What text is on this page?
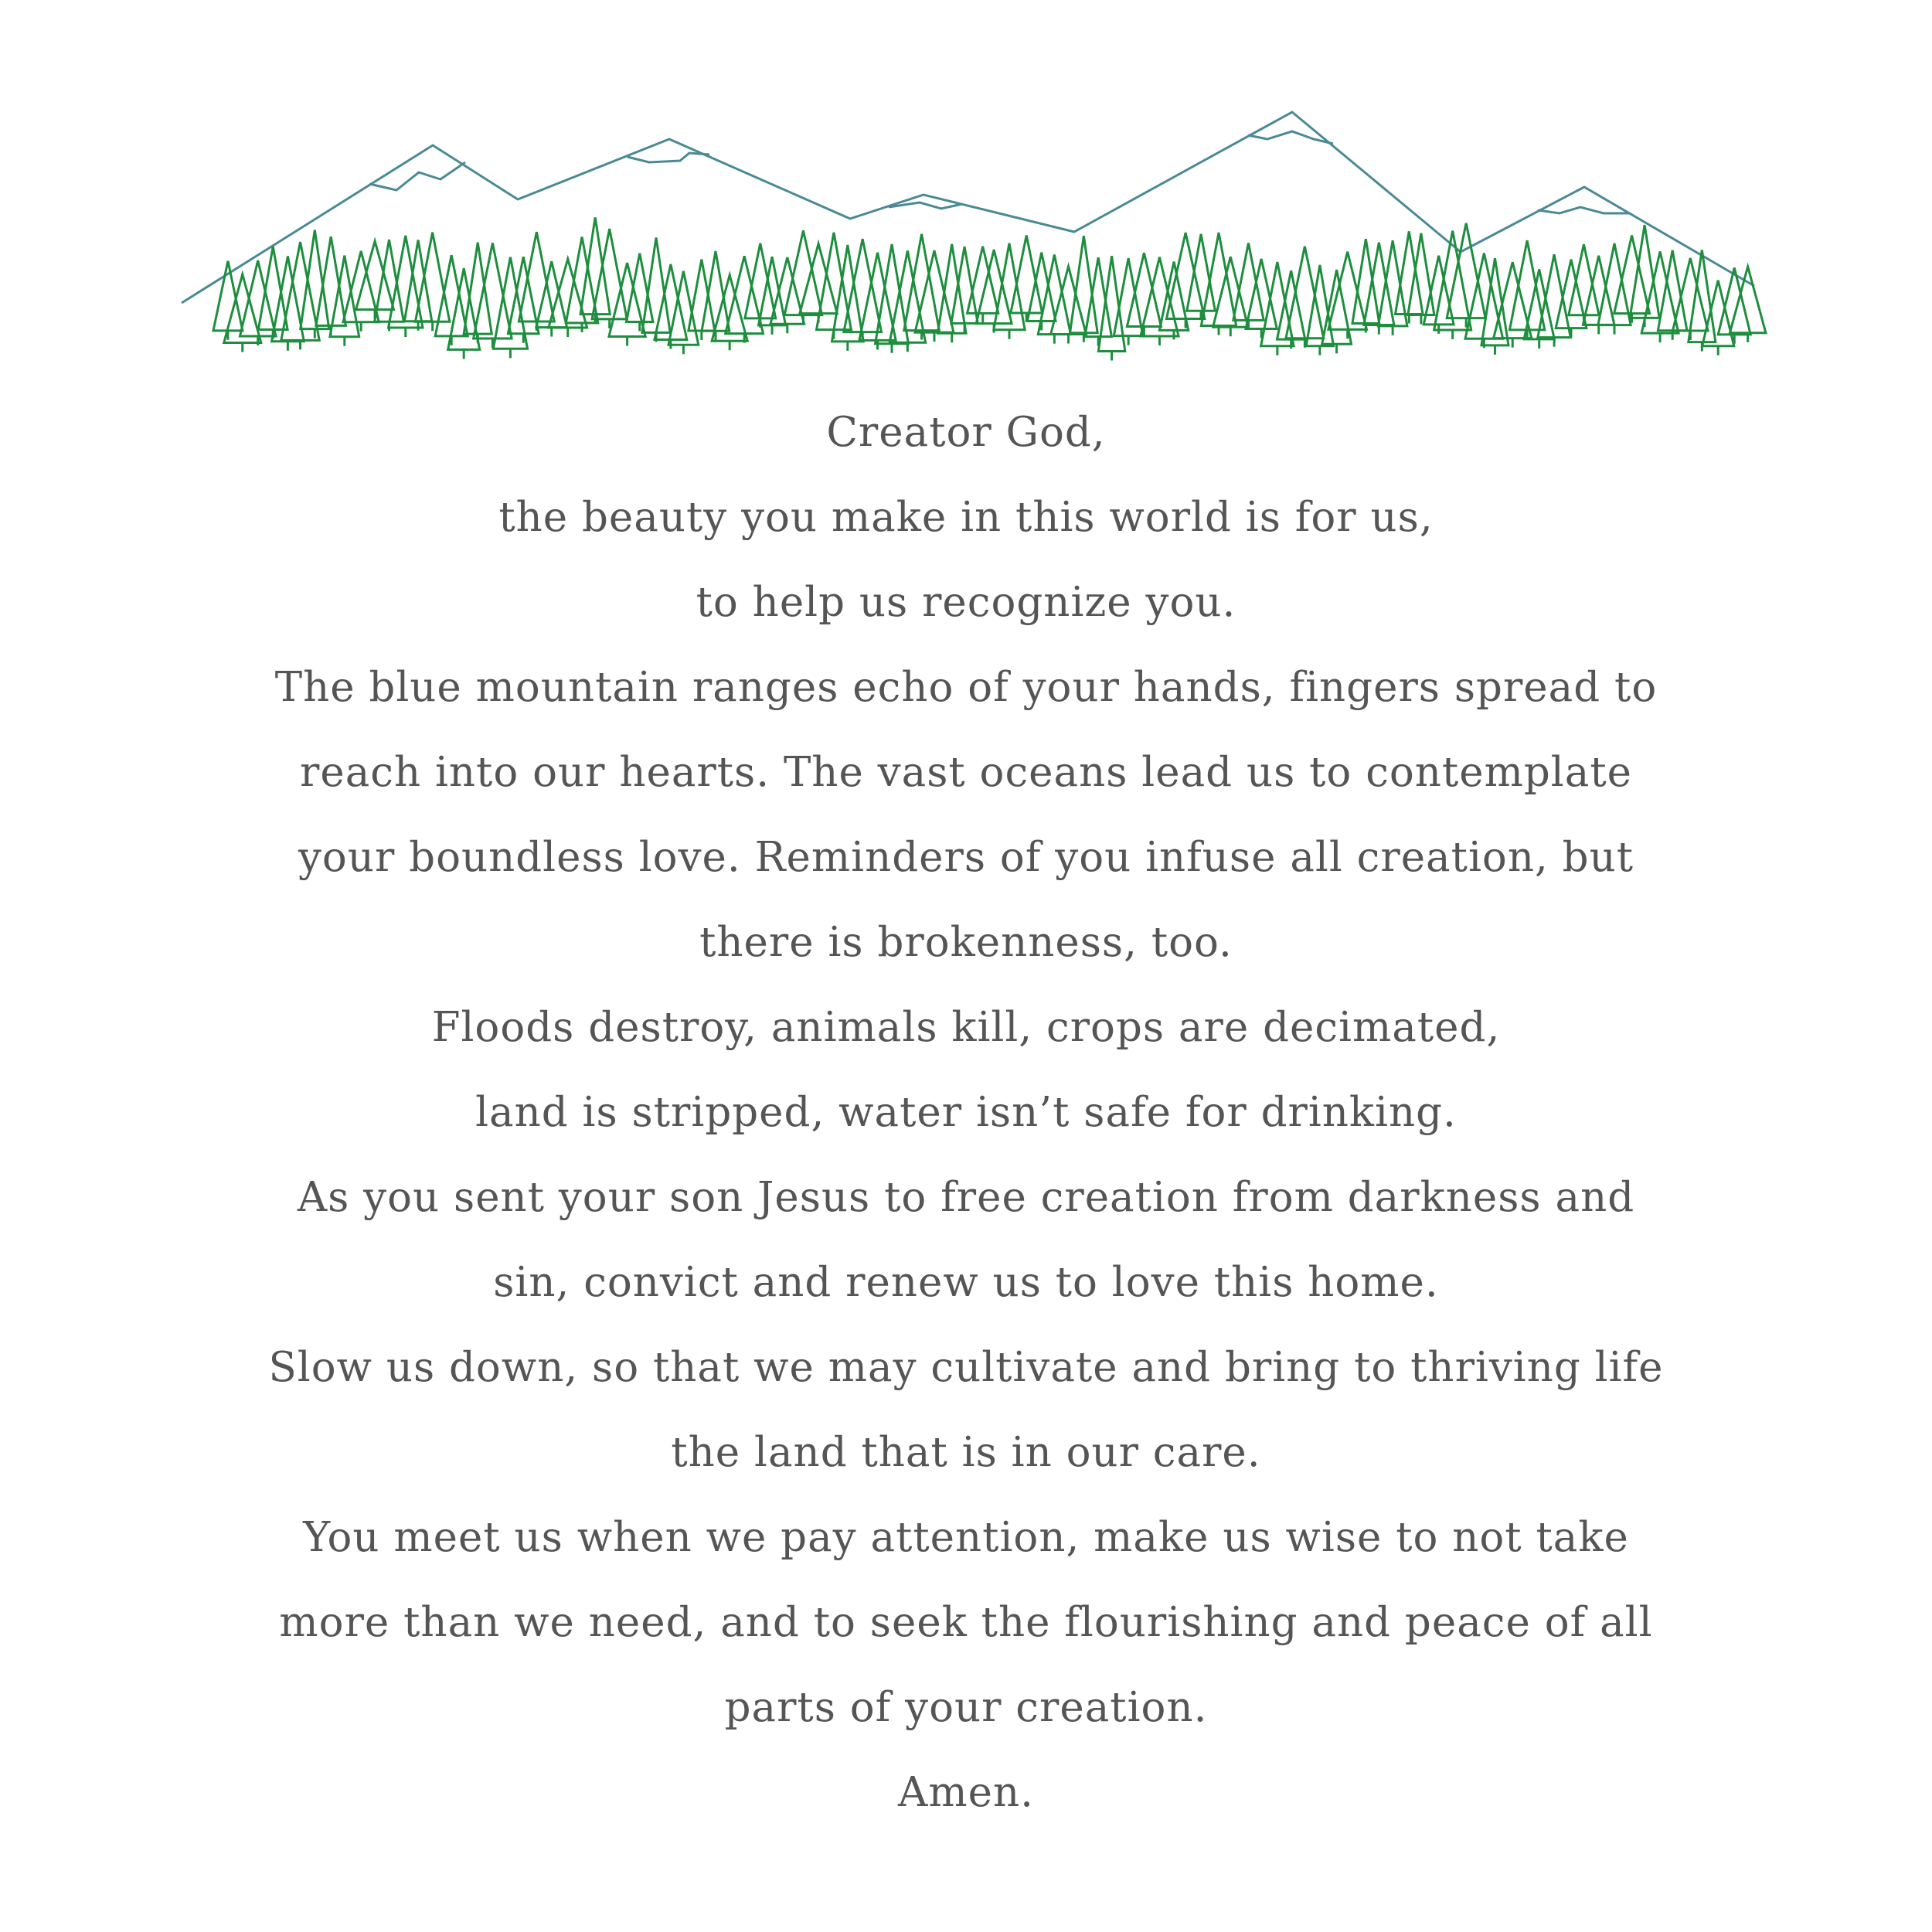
Creator God,
the beauty you make in this world is for us,
to help us recognize you.
The blue mountain ranges echo of your hands, fingers spread to
reach into our hearts. The vast oceans lead us to contemplate
your boundless love. Reminders of you infuse all creation, but
there is brokenness, too.
Floods destroy, animals kill, crops are decimated,
land is stripped, water isn’t safe for drinking.
As you sent your son Jesus to free creation from darkness and
sin, convict and renew us to love this home.
Slow us down, so that we may cultivate and bring to thriving life
the land that is in our care.
You meet us when we pay attention, make us wise to not take
more than we need, and to seek the flourishing and peace of all
parts of your creation.
Amen.
